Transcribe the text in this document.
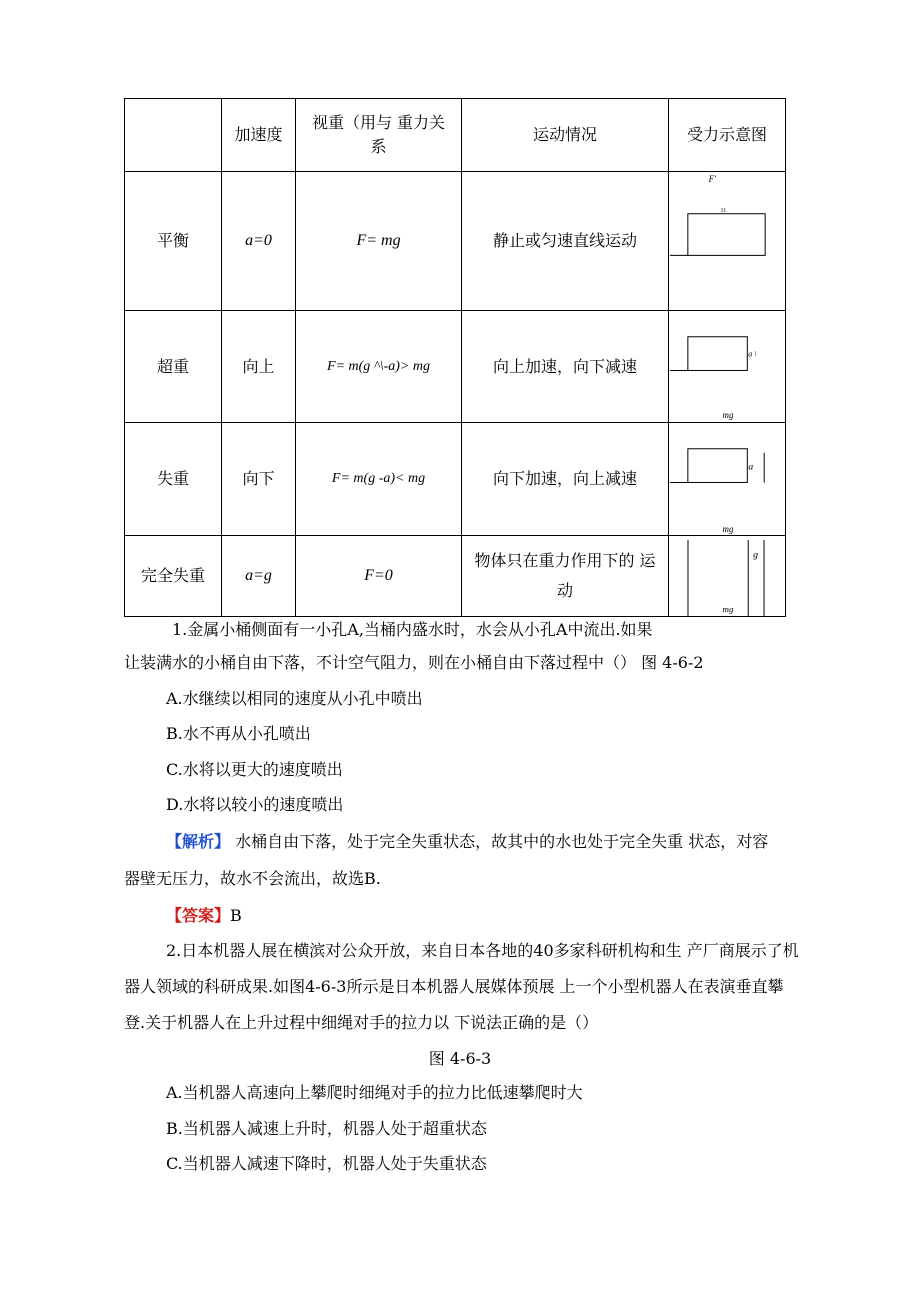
	加速度	视重（用与 重力关系	运动情况	受力示意图
平衡	a=0	F= mg	静止或匀速直线运动	F'
11

超重	向上	F= m(g ^\-a)> mg	向上加速，向下减速	a \
mg

失重	向下	F= m(g -a)< mg	向下加速，向上减速	a
mg

完全失重	a=g	F=0	物体只在重力作用下的 运动	g
mg
1.金属小桶侧面有一小孔A,当桶内盛水时，水会从小孔A中流出.如果
让装满水的小桶自由下落，不计空气阻力，则在小桶自由下落过程中（） 图 4-6-2
A.水继续以相同的速度从小孔中喷出
B.水不再从小孔喷出
C.水将以更大的速度喷出
D.水将以较小的速度喷出
【解析】 水桶自由下落，处于完全失重状态，故其中的水也处于完全失重 状态，对容
器壁无压力，故水不会流出，故选B.
【答案】B
2.日本机器人展在横滨对公众开放，来自日本各地的40多家科研机构和生 产厂商展示了机
器人领域的科研成果.如图4-6-3所示是日本机器人展媒体预展 上一个小型机器人在表演垂直攀
登.关于机器人在上升过程中细绳对手的拉力以 下说法正确的是（）
图 4-6-3
A.当机器人高速向上攀爬时细绳对手的拉力比低速攀爬时大
B.当机器人减速上升时，机器人处于超重状态
C.当机器人减速下降时，机器人处于失重状态
